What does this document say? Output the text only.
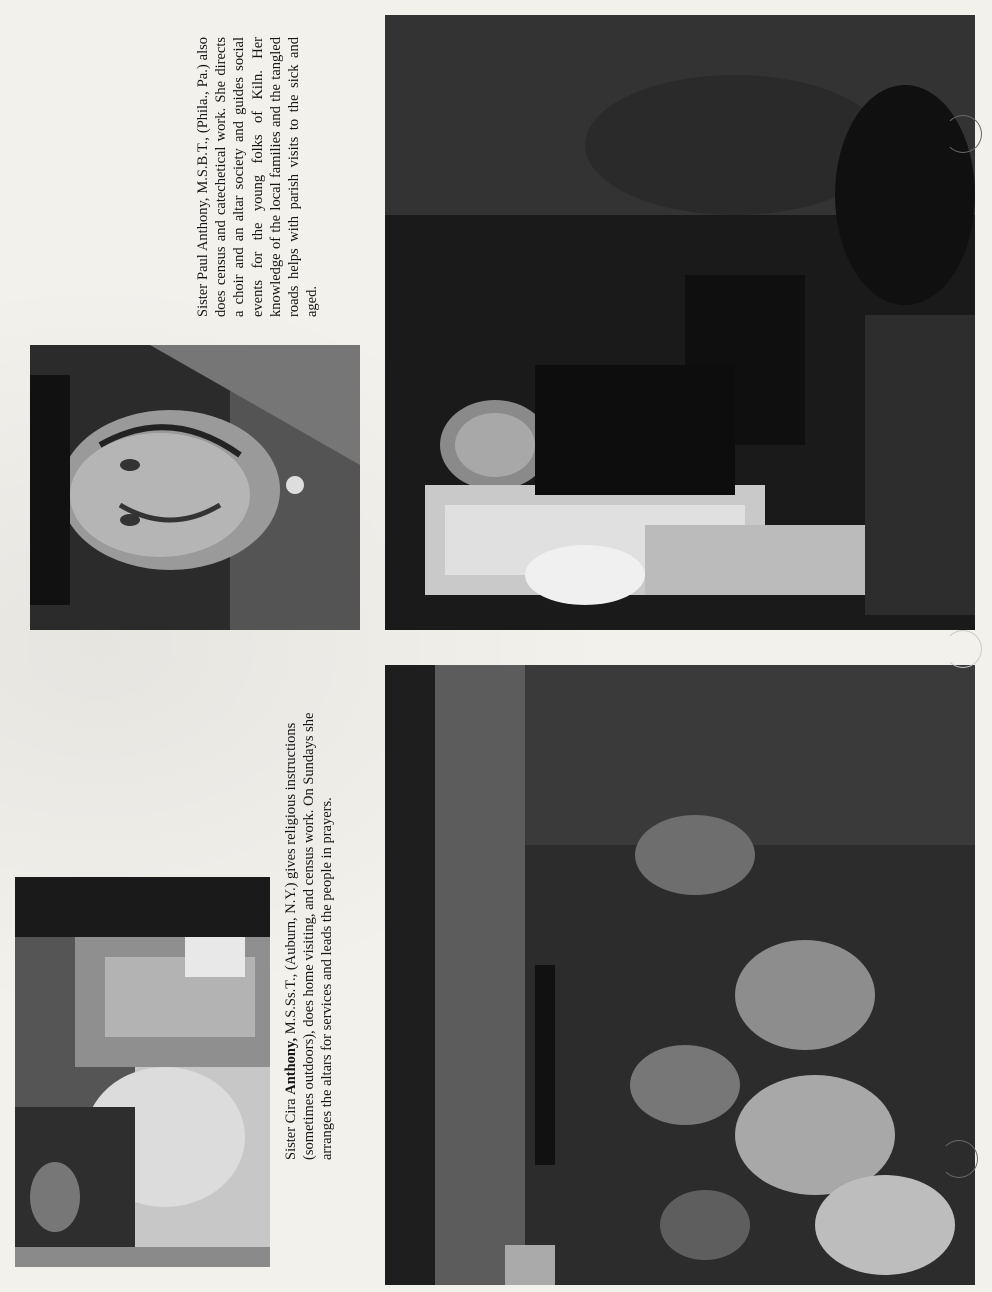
Sister Paul Anthony, M.S.B.T., (Phila., Pa.) also does census and catechetical work. She directs a choir and an altar society and guides social events for the young folks of Kiln. Her knowledge of the local families and the tangled roads helps with parish visits to the sick and aged.
Sister Cira Anthony, M.S.Ss.T., (Auburn, N.Y.) gives religious instructions (sometimes outdoors), does home visiting, and census work. On Sundays she arranges the altars for services and leads the people in prayers.
